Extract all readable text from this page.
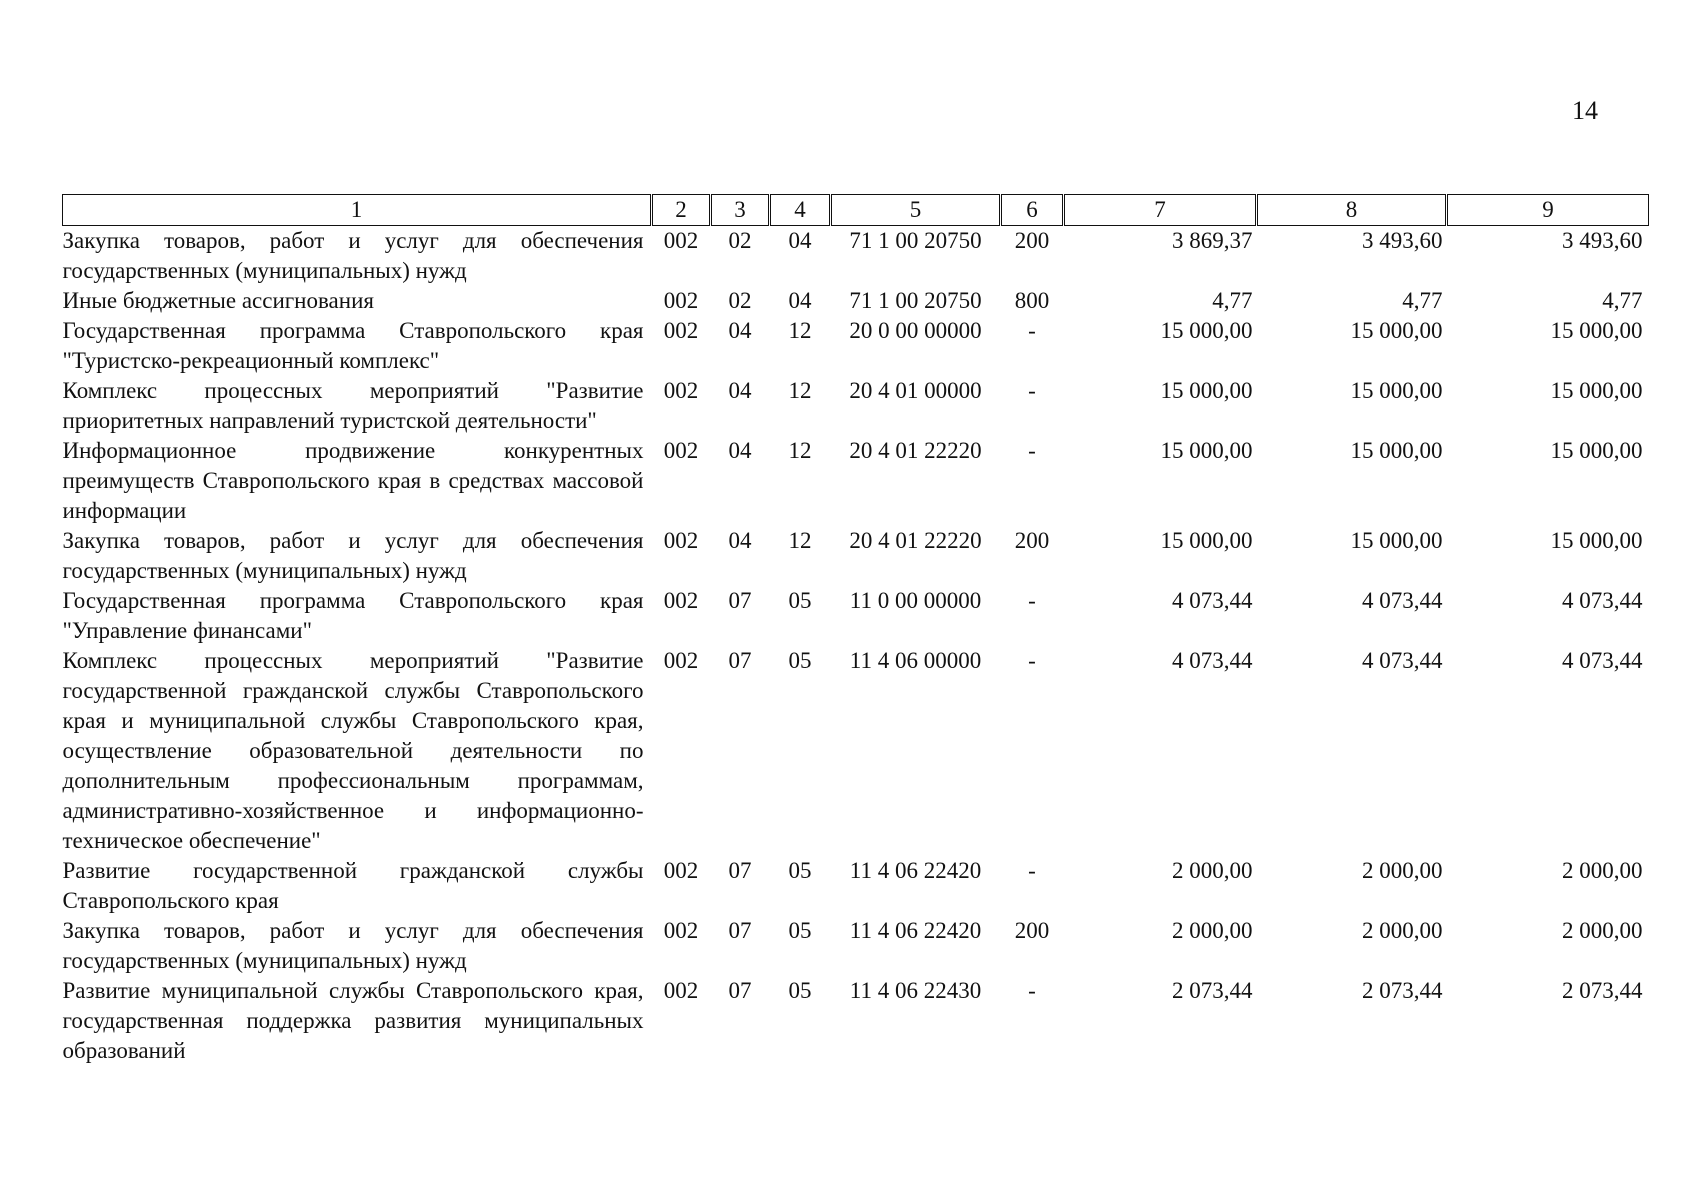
14
1	2	3	4	5	6	7	8	9
Закупка товаров, работ и услуг для обеспечения государственных (муниципальных) нужд	002	02	04	71 1 00 20750	200	3 869,37	3 493,60	3 493,60
Иные бюджетные ассигнования	002	02	04	71 1 00 20750	800	4,77	4,77	4,77
Государственная программа Ставропольского края "Туристско-рекреационный комплекс"	002	04	12	20 0 00 00000	-	15 000,00	15 000,00	15 000,00
Комплекс процессных мероприятий "Развитие приоритетных направлений туристской деятельности"	002	04	12	20 4 01 00000	-	15 000,00	15 000,00	15 000,00
Информационное продвижение конкурентных преимуществ Ставропольского края в средствах массовой информации	002	04	12	20 4 01 22220	-	15 000,00	15 000,00	15 000,00
Закупка товаров, работ и услуг для обеспечения государственных (муниципальных) нужд	002	04	12	20 4 01 22220	200	15 000,00	15 000,00	15 000,00
Государственная программа Ставропольского края "Управление финансами"	002	07	05	11 0 00 00000	-	4 073,44	4 073,44	4 073,44
Комплекс процессных мероприятий "Развитие государственной гражданской службы Ставропольского края и муниципальной службы Ставропольского края, осуществление образовательной деятельности по дополнительным профессиональным программам, административно-хозяйственное и информационно-техническое обеспечение"	002	07	05	11 4 06 00000	-	4 073,44	4 073,44	4 073,44
Развитие государственной гражданской службы Ставропольского края	002	07	05	11 4 06 22420	-	2 000,00	2 000,00	2 000,00
Закупка товаров, работ и услуг для обеспечения государственных (муниципальных) нужд	002	07	05	11 4 06 22420	200	2 000,00	2 000,00	2 000,00
Развитие муниципальной службы Ставропольского края, государственная поддержка развития муниципальных образований	002	07	05	11 4 06 22430	-	2 073,44	2 073,44	2 073,44
